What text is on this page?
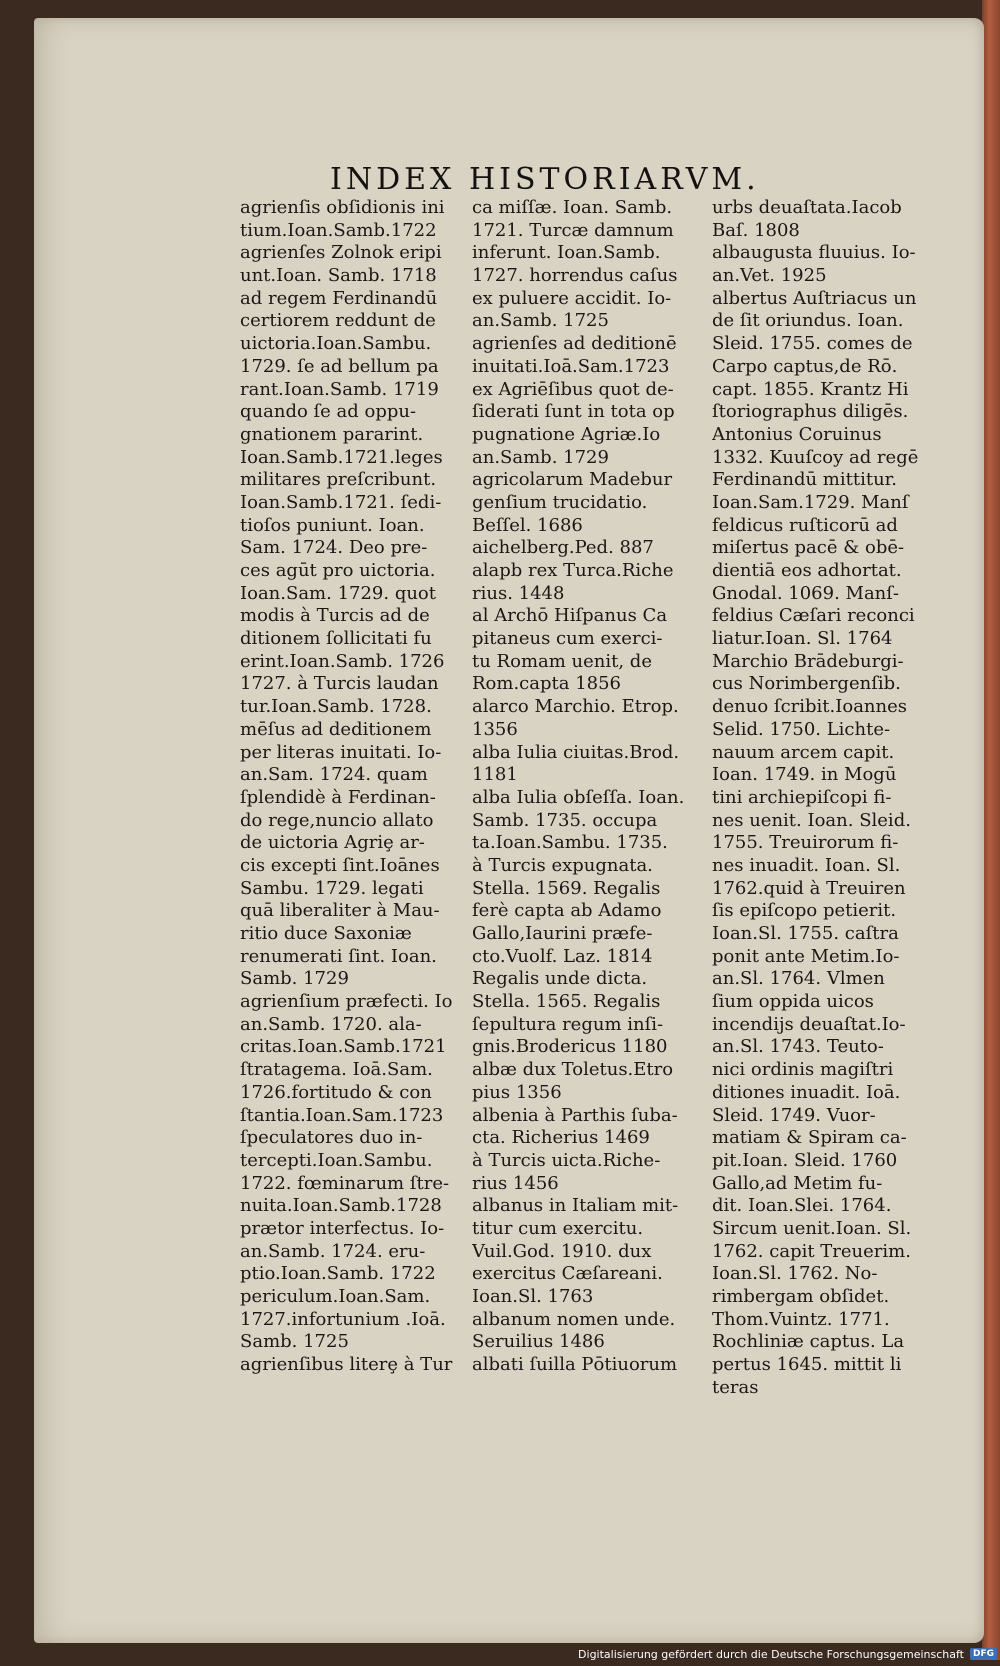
INDEX HISTORIARVM.
agrienſis obſidionis ini
tium.Ioan.Samb.1722
agrienſes Zolnok eripi
unt.Ioan. Samb. 1718
ad regem Ferdinandū
certiorem reddunt de
uictoria.Ioan.Sambu.
1729. ſe ad bellum pa
rant.Ioan.Samb. 1719
quando ſe ad oppu-
gnationem pararint.
Ioan.Samb.1721.leges
militares preſcribunt.
Ioan.Samb.1721. ſedi-
tioſos puniunt. Ioan.
Sam. 1724. Deo pre-
ces agūt pro uictoria.
Ioan.Sam. 1729. quot
modis à Turcis ad de
ditionem ſollicitati fu
erint.Ioan.Samb. 1726
1727. à Turcis laudan
tur.Ioan.Samb. 1728.
mēſus ad deditionem
per literas inuitati. Io-
an.Sam. 1724. quam
ſplendidè à Ferdinan-
do rege,nuncio allato
de uictoria Agriȩ ar-
cis excepti ſint.Ioānes
Sambu. 1729. legati
quā liberaliter à Mau-
ritio duce Saxoniæ
renumerati ſint. Ioan.
Samb. 1729
agrienſium præfecti. Io
an.Samb. 1720. ala-
critas.Ioan.Samb.1721
ſtratagema. Ioā.Sam.
1726.fortitudo & con
ſtantia.Ioan.Sam.1723
ſpeculatores duo in-
tercepti.Ioan.Sambu.
1722. fœminarum ſtre-
nuita.Ioan.Samb.1728
prætor interfectus. Io-
an.Samb. 1724. eru-
ptio.Ioan.Samb. 1722
periculum.Ioan.Sam.
1727.infortunium .Ioā.
Samb. 1725
agrienſibus literȩ à Tur
ca miſſæ. Ioan. Samb.
1721. Turcæ damnum
inferunt. Ioan.Samb.
1727. horrendus caſus
ex puluere accidit. Io-
an.Samb. 1725
agrienſes ad deditionē
inuitati.Ioā.Sam.1723
ex Agriēſibus quot de-
ſiderati ſunt in tota op
pugnatione Agriæ.Io
an.Samb. 1729
agricolarum Madebur
genſium trucidatio.
Beſſel. 1686
aichelberg.Ped. 887
alapb rex Turca.Riche
rius. 1448
al Archō Hiſpanus Ca
pitaneus cum exerci-
tu Romam uenit, de
Rom.capta 1856
alarco Marchio. Etrop.
1356
alba Iulia ciuitas.Brod.
1181
alba Iulia obſeſſa. Ioan.
Samb. 1735. occupa
ta.Ioan.Sambu. 1735.
à Turcis expugnata.
Stella. 1569. Regalis
ferè capta ab Adamo
Gallo,Iaurini præfe-
cto.Vuolf. Laz. 1814
Regalis unde dicta.
Stella. 1565. Regalis
ſepultura regum inſi-
gnis.Brodericus 1180
albæ dux Toletus.Etro
pius 1356
albenia à Parthis ſuba-
cta. Richerius 1469
à Turcis uicta.Riche-
rius 1456
albanus in Italiam mit-
titur cum exercitu.
Vuil.God. 1910. dux
exercitus Cæſareani.
Ioan.Sl. 1763
albanum nomen unde.
Seruilius 1486
albati ſuilla Pōtiuorum
urbs deuaſtata.Iacob
Baſ. 1808
albaugusta fluuius. Io-
an.Vet. 1925
albertus Auſtriacus un
de ſit oriundus. Ioan.
Sleid. 1755. comes de
Carpo captus,de Rō.
capt. 1855. Krantz Hi
ſtoriographus diligēs.
Antonius Coruinus
1332. Kuuſcoy ad regē
Ferdinandū mittitur.
Ioan.Sam.1729. Manſ
feldicus ruſticorū ad
miſertus pacē & obē-
dientiā eos adhortat.
Gnodal. 1069. Manſ-
feldius Cæſari reconci
liatur.Ioan. Sl. 1764
Marchio Brādeburgi-
cus Norimbergenſib.
denuo ſcribit.Ioannes
Selid. 1750. Lichte-
nauum arcem capit.
Ioan. 1749. in Mogū
tini archiepiſcopi fi-
nes uenit. Ioan. Sleid.
1755. Treuirorum fi-
nes inuadit. Ioan. Sl.
1762.quid à Treuiren
ſis epiſcopo petierit.
Ioan.Sl. 1755. caſtra
ponit ante Metim.Io-
an.Sl. 1764. Vlmen
ſium oppida uicos
incendijs deuaſtat.Io-
an.Sl. 1743. Teuto-
nici ordinis magiſtri
ditiones inuadit. Ioā.
Sleid. 1749. Vuor-
matiam & Spiram ca-
pit.Ioan. Sleid. 1760
Gallo,ad Metim fu-
dit. Ioan.Slei. 1764.
Sircum uenit.Ioan. Sl.
1762. capit Treuerim.
Ioan.Sl. 1762. No-
rimbergam obſidet.
Thom.Vuintz. 1771.
Rochliniæ captus. La
pertus 1645. mittit li
teras
Digitalisierung gefördert durch die Deutsche Forschungsgemeinschaft	DFG
